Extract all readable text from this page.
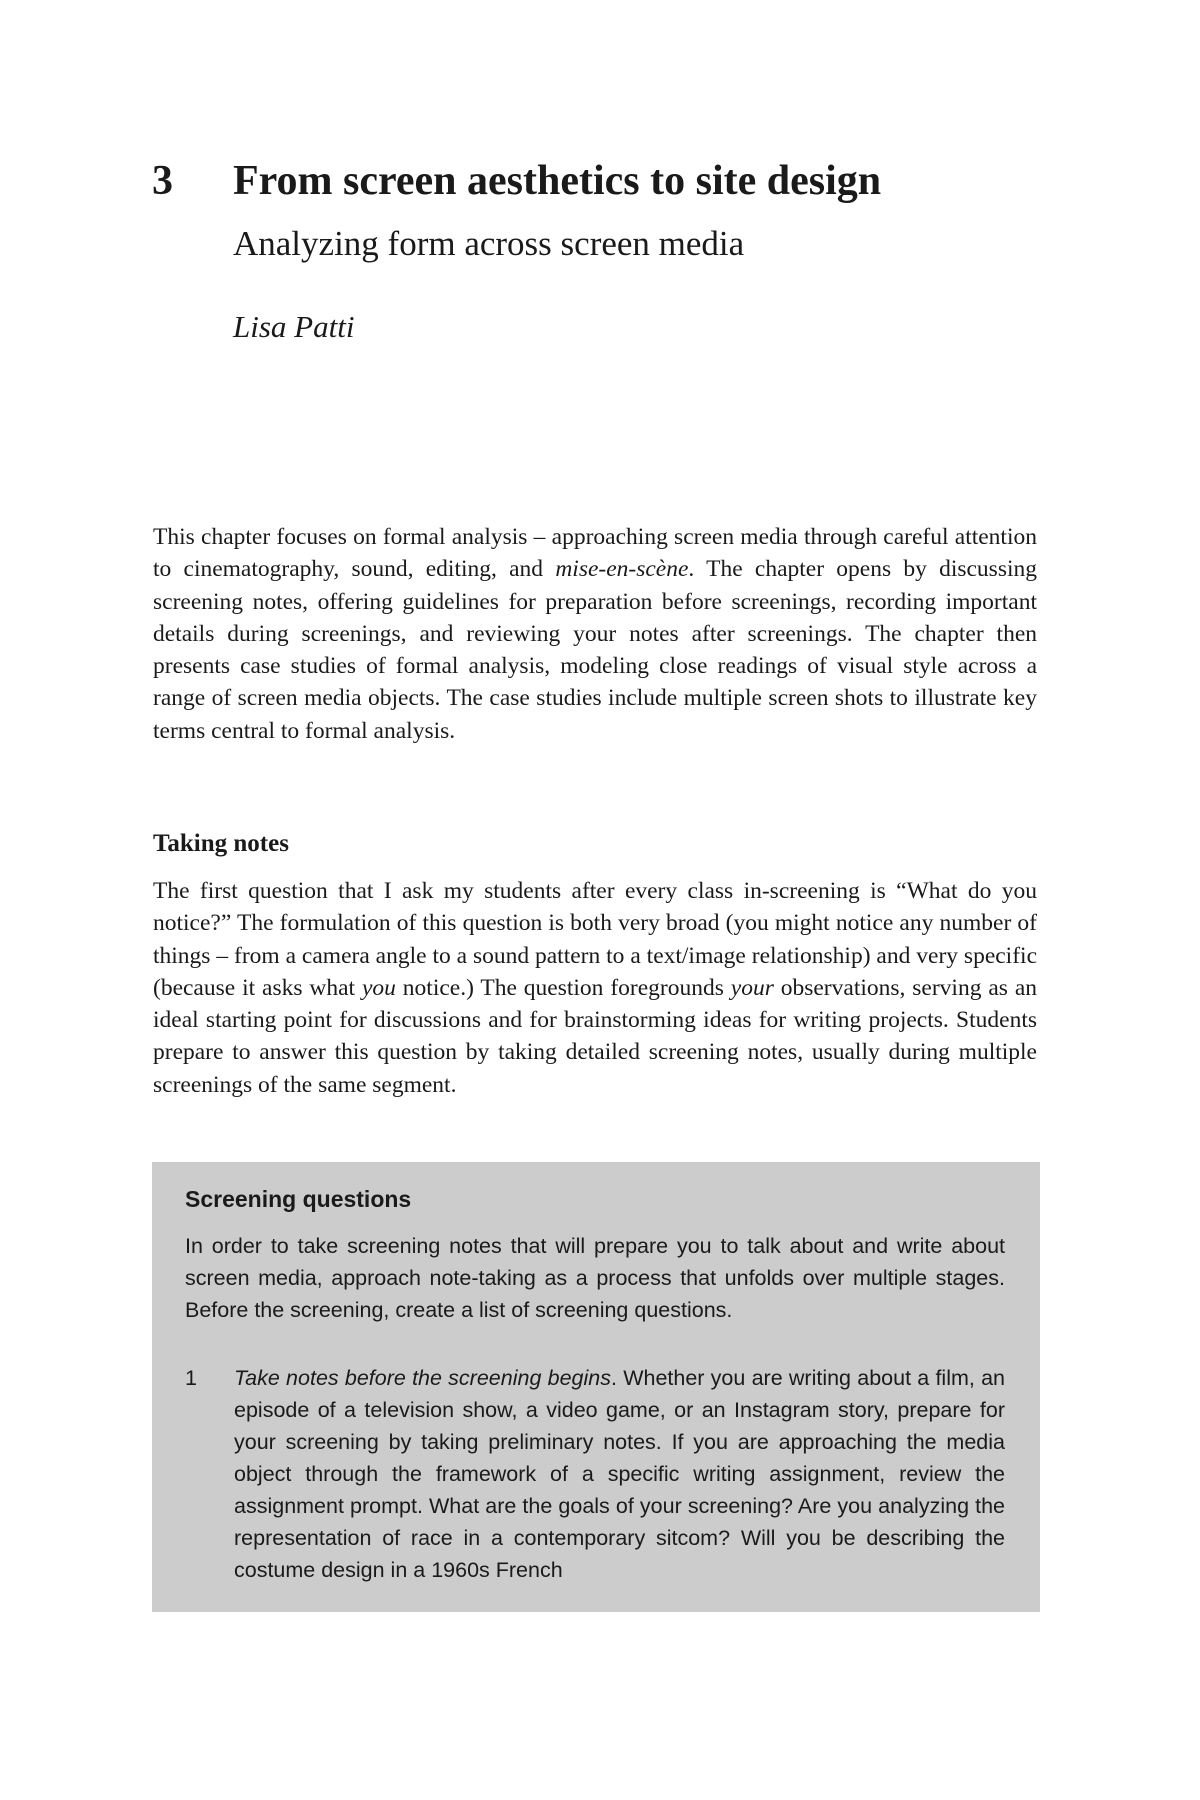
3 From screen aesthetics to site design
Analyzing form across screen media

Lisa Patti

This chapter focuses on formal analysis – approaching screen media through careful attention to cinematography, sound, editing, and mise-en-scène. The chapter opens by discussing screening notes, offering guidelines for preparation before screenings, recording important details during screenings, and reviewing your notes after screenings. The chapter then presents case studies of formal analysis, modeling close readings of visual style across a range of screen media objects. The case studies include multiple screen shots to illustrate key terms central to formal analysis.

Taking notes

The first question that I ask my students after every class in-screening is “What do you notice?” The formulation of this question is both very broad (you might notice any number of things – from a camera angle to a sound pattern to a text/image relationship) and very specific (because it asks what you notice.) The question foregrounds your observations, serving as an ideal starting point for discussions and for brainstorming ideas for writing projects. Students prepare to answer this question by taking detailed screening notes, usually during multiple screenings of the same segment.

Screening questions

In order to take screening notes that will prepare you to talk about and write about screen media, approach note-taking as a process that unfolds over multiple stages. Before the screening, create a list of screening questions.

1 Take notes before the screening begins. Whether you are writing about a film, an episode of a television show, a video game, or an Instagram story, prepare for your screening by taking preliminary notes. If you are approaching the media object through the framework of a specific writing assignment, review the assignment prompt. What are the goals of your screening? Are you analyzing the representation of race in a contemporary sitcom? Will you be describing the costume design in a 1960s French
